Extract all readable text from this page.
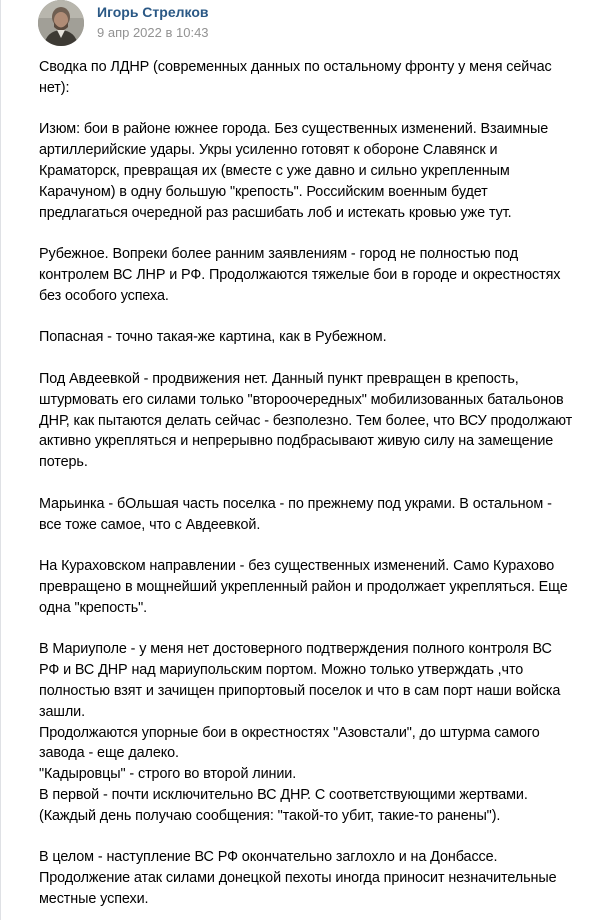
Игорь Стрелков
9 апр 2022 в 10:43
Сводка по ЛДНР (современных данных по остальному фронту у меня сейчас
нет):
Изюм: бои в районе южнее города. Без существенных изменений. Взаимные
артиллерийские удары. Укры усиленно готовят к обороне Славянск и
Краматорск, превращая их (вместе с уже давно и сильно укрепленным
Карачуном) в одну большую "крепость". Российским военным будет
предлагаться очередной раз расшибать лоб и истекать кровью уже тут.
Рубежное. Вопреки более ранним заявлениям - город не полностью под
контролем ВС ЛНР и РФ. Продолжаются тяжелые бои в городе и окрестностях
без особого успеха.
Попасная - точно такая-же картина, как в Рубежном.
Под Авдеевкой - продвижения нет. Данный пункт превращен в крепость,
штурмовать его силами только "второочередных" мобилизованных батальонов
ДНР, как пытаются делать сейчас - безполезно. Тем более, что ВСУ продолжают
активно укрепляться и непрерывно подбрасывают живую силу на замещение
потерь.
Марьинка - бОльшая часть поселка - по прежнему под украми. В остальном -
все тоже самое, что с Авдеевкой.
На Кураховском направлении - без существенных изменений. Само Курахово
превращено в мощнейший укрепленный район и продолжает укрепляться. Еще
одна "крепость".
В Мариуполе - у меня нет достоверного подтверждения полного контроля ВС
РФ и ВС ДНР над мариупольским портом. Можно только утверждать ,что
полностью взят и зачищен припортовый поселок и что в сам порт наши войска
зашли.
Продолжаются упорные бои в окрестностях "Азовстали", до штурма самого
завода - еще далеко.
"Кадыровцы" - строго во второй линии.
В первой - почти исключительно ВС ДНР. С соответствующими жертвами.
(Каждый день получаю сообщения: "такой-то убит, такие-то ранены").
В целом - наступление ВС РФ окончательно заглохло и на Донбассе.
Продолжение атак силами донецкой пехоты иногда приносит незначительные
местные успехи.
